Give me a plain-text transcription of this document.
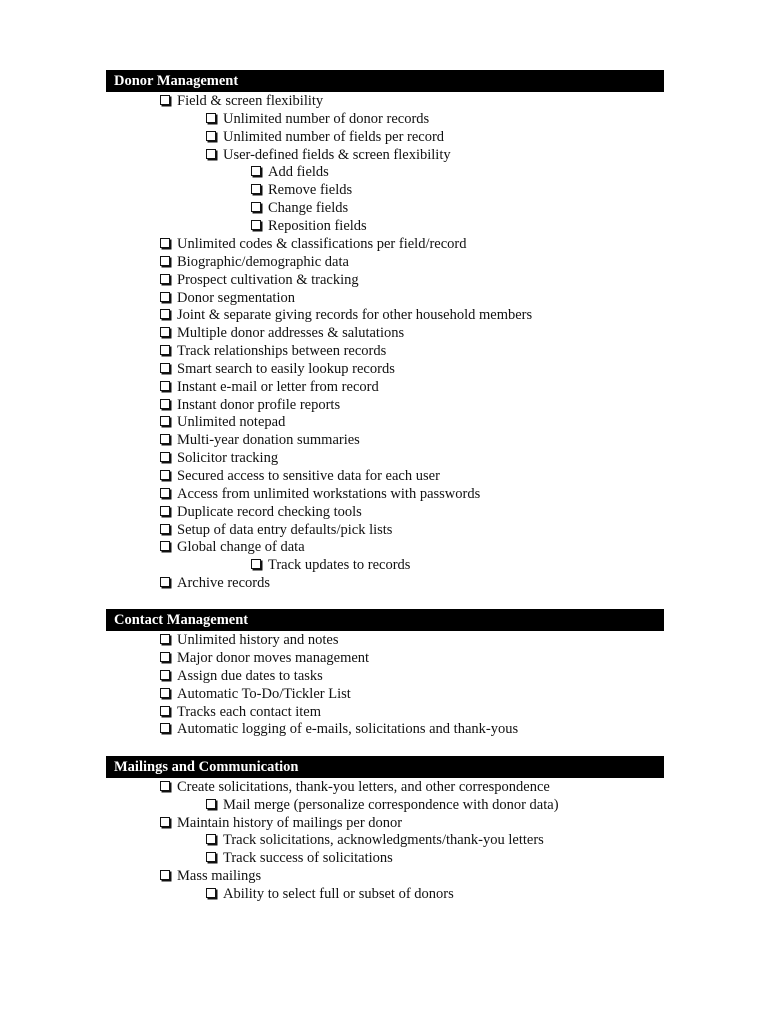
Donor Management
Field & screen flexibility
Unlimited number of donor records
Unlimited number of fields per record
User-defined fields & screen flexibility
Add fields
Remove fields
Change fields
Reposition fields
Unlimited codes & classifications per field/record
Biographic/demographic data
Prospect cultivation & tracking
Donor segmentation
Joint & separate giving records for other household members
Multiple donor addresses & salutations
Track relationships between records
Smart search to easily lookup records
Instant e-mail or letter from record
Instant donor profile reports
Unlimited notepad
Multi-year donation summaries
Solicitor tracking
Secured access to sensitive data for each user
Access from unlimited workstations with passwords
Duplicate record checking tools
Setup of data entry defaults/pick lists
Global change of data
Track updates to records
Archive records
Contact Management
Unlimited history and notes
Major donor moves management
Assign due dates to tasks
Automatic To-Do/Tickler List
Tracks each contact item
Automatic logging of e-mails, solicitations and thank-yous
Mailings and Communication
Create solicitations, thank-you letters, and other correspondence
Mail merge (personalize correspondence with donor data)
Maintain history of mailings per donor
Track solicitations, acknowledgments/thank-you letters
Track success of solicitations
Mass mailings
Ability to select full or subset of donors
